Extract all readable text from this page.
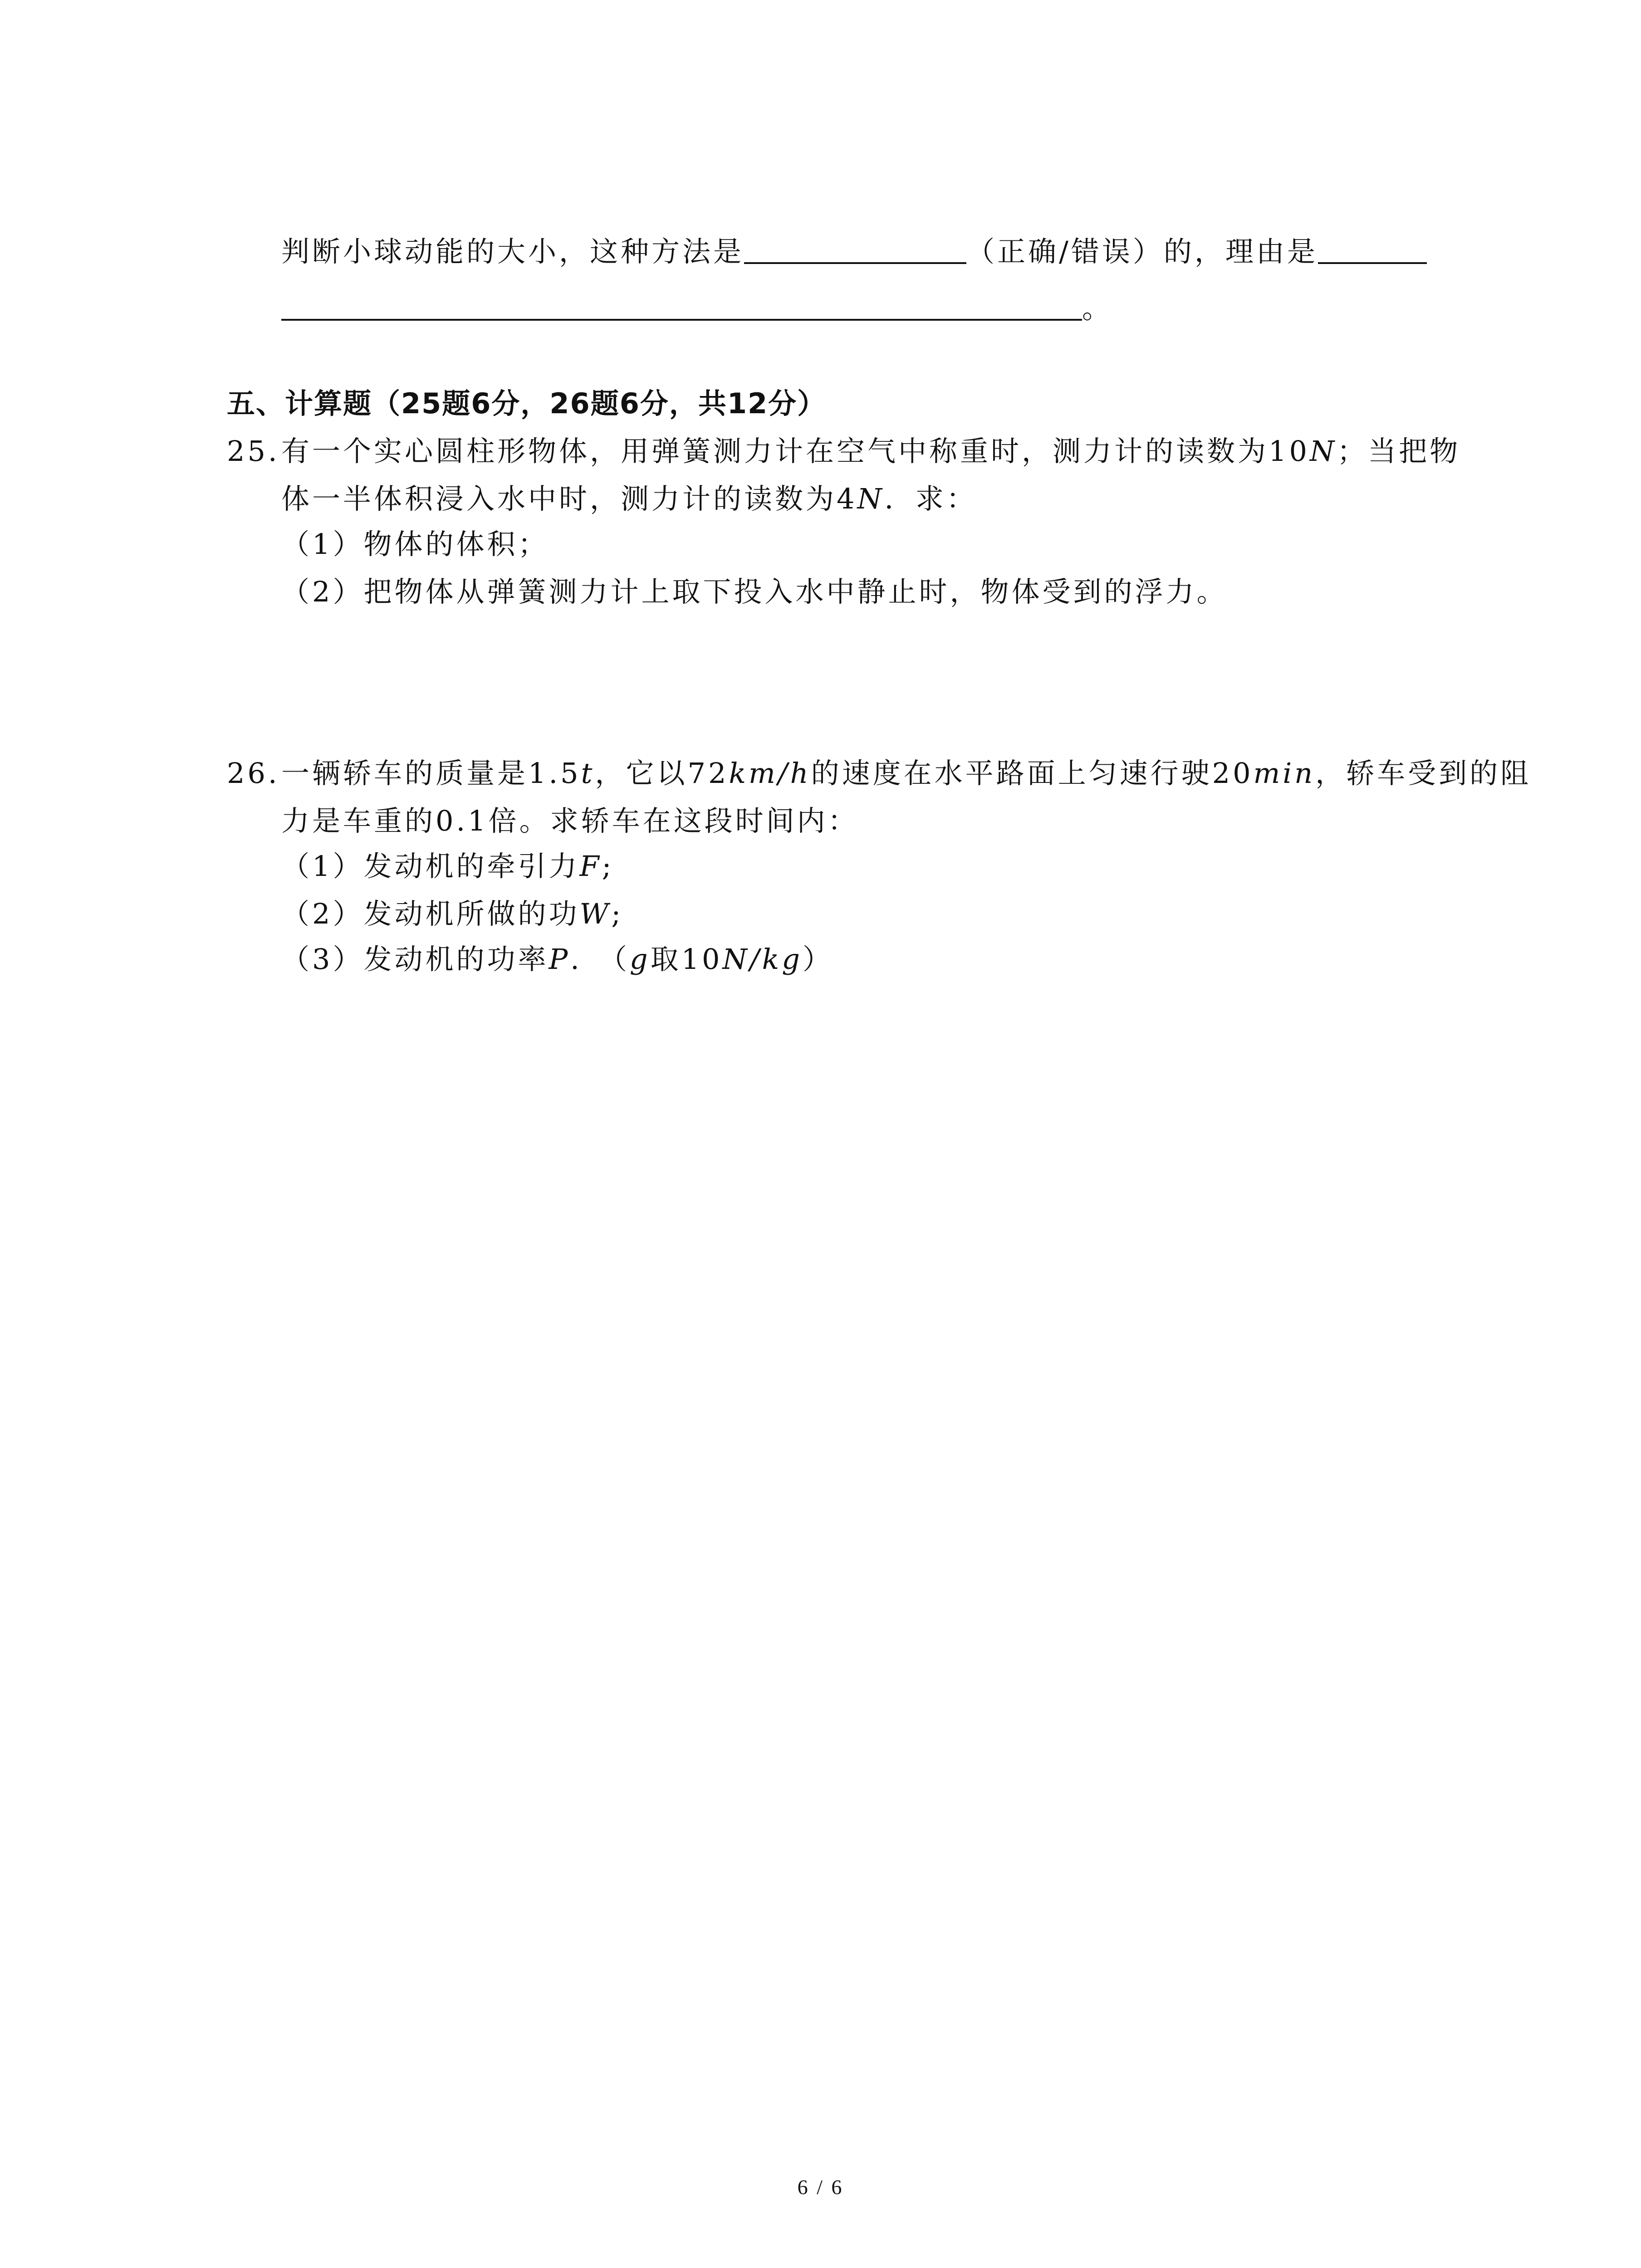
判断小球动能的大小，这种方法是	（正确/错误）的，理由是
。
五、计算题（25题6分，26题6分，共12分）
25.有一个实心圆柱形物体，用弹簧测力计在空气中称重时，测力计的读数为10N；当把物
体一半体积浸入水中时，测力计的读数为4N．求：
（1）物体的体积；
（2）把物体从弹簧测力计上取下投入水中静止时，物体受到的浮力。
26.一辆轿车的质量是1.5t，它以72km/h的速度在水平路面上匀速行驶20min，轿车受到的阻
力是车重的0.1倍。求轿车在这段时间内：
（1）发动机的牵引力F;
（2）发动机所做的功W;
（3）发动机的功率P.　（g取10N/kg）
6 / 6
